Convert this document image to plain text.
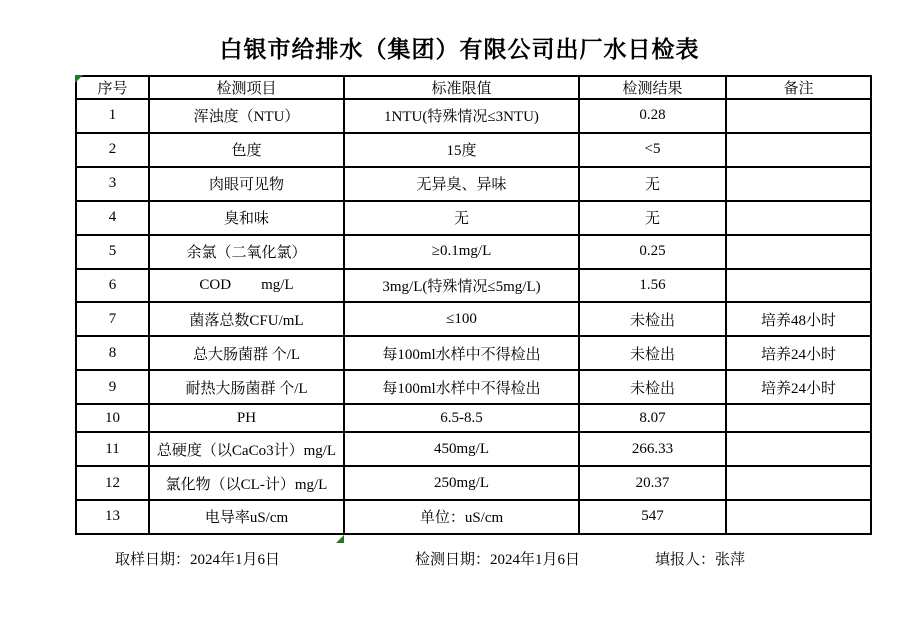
白银市给排水（集团）有限公司出厂水日检表
序号	检测项目	标准限值	检测结果	备注
1	浑浊度（NTU）	1NTU(特殊情况≤3NTU)	0.28	
2	色度	15度	<5	
3	肉眼可见物	无异臭、异味	无	
4	臭和味	无	无	
5	余氯（二氧化氯）	≥0.1mg/L	0.25	
6	COD        mg/L	3mg/L(特殊情况≤5mg/L)	1.56	
7	菌落总数CFU/mL	≤100	未检出	培养48小时
8	总大肠菌群 个/L	每100ml水样中不得检出	未检出	培养24小时
9	耐热大肠菌群 个/L	每100ml水样中不得检出	未检出	培养24小时
10	PH	6.5-8.5	8.07	
11	总硬度（以CaCo3计）mg/L	450mg/L	266.33	
12	氯化物（以CL-计）mg/L	250mg/L	20.37	
13	电导率uS/cm	单位：uS/cm	547	
取样日期：2024年1月6日	检测日期：2024年1月6日	填报人：张萍
